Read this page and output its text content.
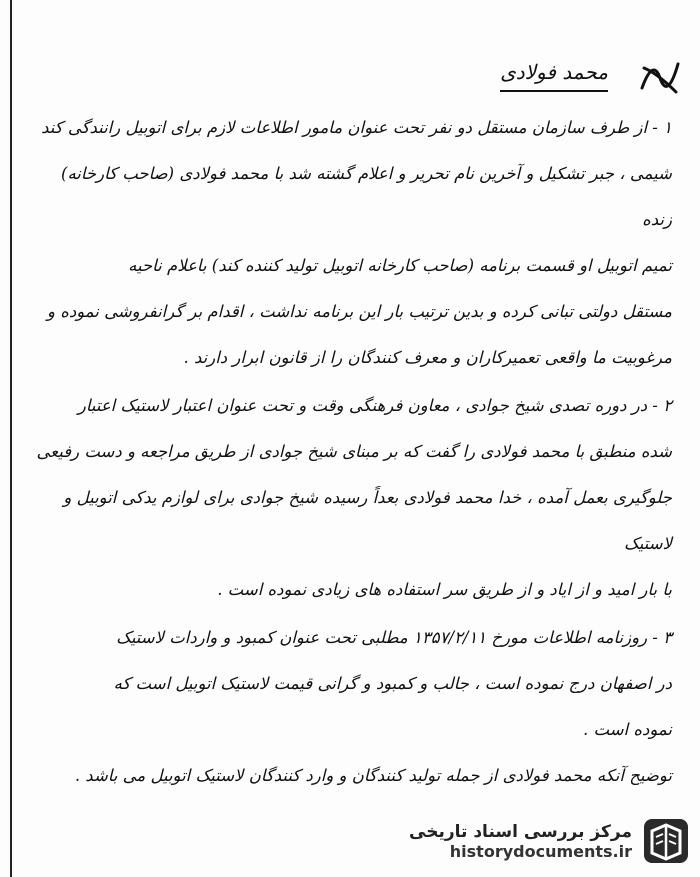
محمد فولادی

۱ - از طرف سازمان مستقل دو نفر تحت عنوان مامور اطلاعات لازم برای اتوبیل رانندگی کند

شیمی ، جبر تشکیل و آخرین نام تحریر و اعلام گشته شد با محمد فولادی (صاحب کارخانه) زنده

تمیم اتوبیل او قسمت برنامه (صاحب کارخانه اتوبیل تولید کننده کند) باعلام ناحیه

مستقل دولتی تبانی کرده و بدین ترتیب بار این برنامه نداشت ، اقدام بر گرانفروشی نموده و

مرغوبیت ما واقعی تعمیرکاران و معرف کنندگان را از قانون ابرار دارند .

۲ - در دوره تصدی شیخ جوادی ، معاون فرهنگی وقت و تحت عنوان اعتبار لاستیک اعتبار

شده منطبق با محمد فولادی را گفت که بر مبنای شیخ جوادی از طریق مراجعه و دست رفیعی

جلوگیری بعمل آمده ، خدا محمد فولادی بعداً رسیده شیخ جوادی برای لوازم یدکی اتوبیل و لاستیک

با بار امید و از ایاد و از طریق سر استفاده های زیادی نموده است .

۳ - روزنامه اطلاعات مورخ ۱۳۵۷/۲/۱۱ مطلبی تحت عنوان کمبود و واردات لاستیک

در اصفهان درج نموده است ، جالب و کمبود و گرانی قیمت لاستیک اتوبیل است که

نموده است .

توضیح آنکه محمد فولادی از جمله تولید کنندگان و وارد کنندگان لاستیک اتوبیل می باشد .

مرکز بررسی اسناد تاریخی
historydocuments.ir
